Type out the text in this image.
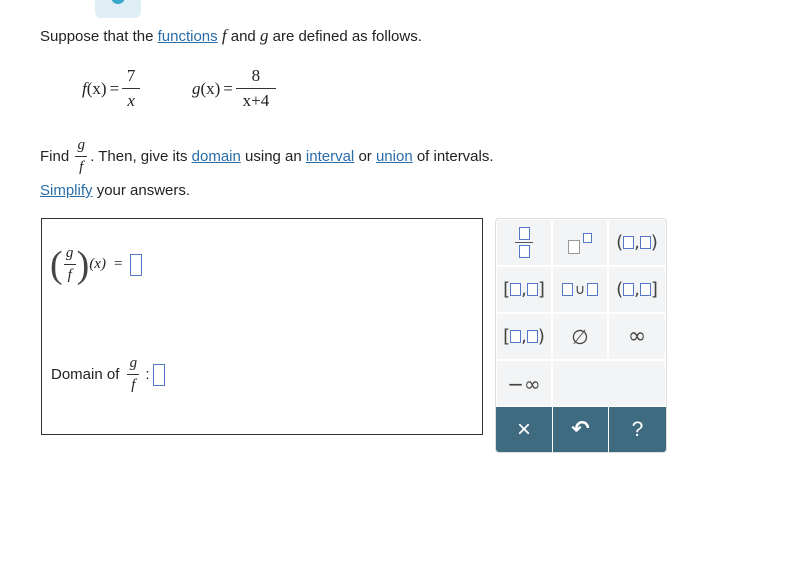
Suppose that the functions f and g are defined as follows.
f $(x) = \frac{7}{x}$	g $(x) = \frac{8}{x+4}$
Find $\frac{g}{f}$ . Then, give its
domain
using an
interval
or
union
of intervals.
Simplify your answers.
( $\frac{g}{f}$ ) (x) =
Domain of $\frac{g}{f}$ :
( , )
[ , ]	∪	( , ]
[ , )	∅ ∞
−∞
× ↶ ?
